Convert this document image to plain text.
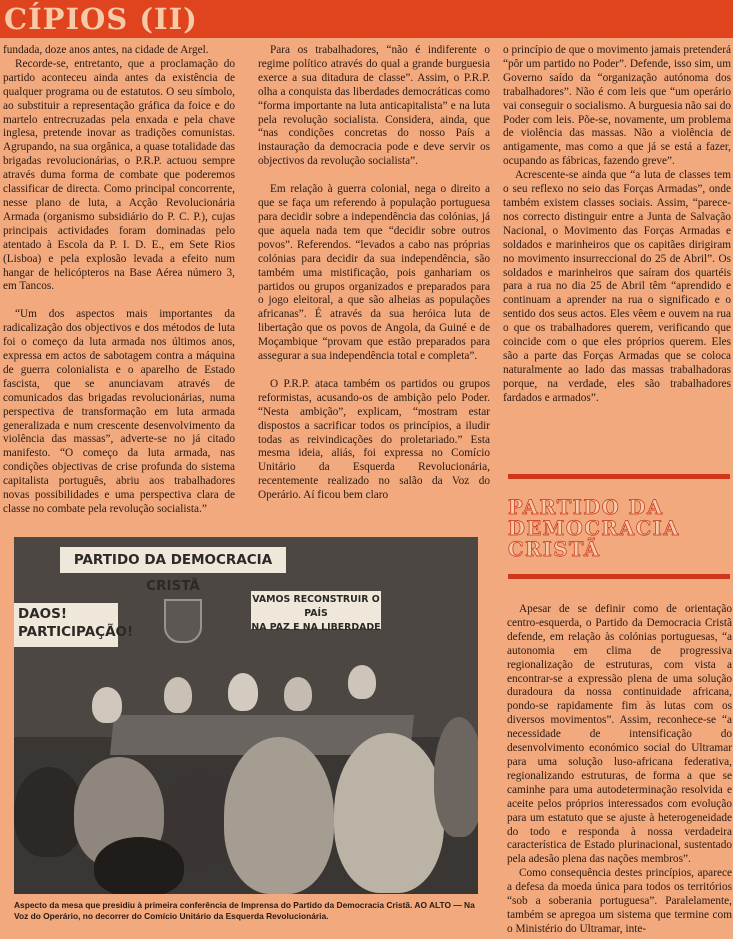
CÍPIOS (II)

fundada, doze anos antes, na cidade de Argel.

Recorde-se, entretanto, que a proclamação do partido aconteceu ainda antes da existência de qualquer programa ou de estatutos. O seu símbolo, ao substituir a representação gráfica da foice e do martelo entrecruzadas pela enxada e pela chave inglesa, pretende inovar as tradições comunistas. Agrupando, na sua orgânica, a quase totalidade das brigadas revolucionárias, o P.R.P. actuou sempre através duma forma de combate que poderemos classificar de directa. Como principal concorrente, nesse plano de luta, a Acção Revolucionária Armada (organismo subsidiário do P. C. P.), cujas principais actividades foram dominadas pelo atentado à Escola da P. I. D. E., em Sete Rios (Lisboa) e pela explosão levada a efeito num hangar de helicópteros na Base Aérea número 3, em Tancos.

“Um dos aspectos mais importantes da radicalização dos objectivos e dos métodos de luta foi o começo da luta armada nos últimos anos, expressa em actos de sabotagem contra a máquina de guerra colonialista e o aparelho de Estado fascista, que se anunciavam através de comunicados das brigadas revolucionárias, numa perspectiva de transformação em luta armada generalizada e num crescente desenvolvimento da violência das massas”, adverte-se no já citado manifesto. “O começo da luta armada, nas condições objectivas de crise profunda do sistema capitalista português, abriu aos trabalhadores novas possibilidades e uma perspectiva clara de classe no combate pela revolução socialista.”

Para os trabalhadores, “não é indiferente o regime político através do qual a grande burguesia exerce a sua ditadura de classe”. Assim, o P.R.P. olha a conquista das liberdades democráticas como “forma importante na luta anticapitalista” e na luta pela revolução socialista. Considera, ainda, que “nas condições concretas do nosso País a instauração da democracia pode e deve servir os objectivos da revolução socialista”.

Em relação à guerra colonial, nega o direito a que se faça um referendo à população portuguesa para decidir sobre a independência das colónias, já que aquela nada tem que “decidir sobre outros povos”. Referendos. “levados a cabo nas próprias colónias para decidir da sua independência, são também uma mistificação, pois ganhariam os partidos ou grupos organizados e preparados para o jogo eleitoral, a que são alheias as populações africanas”. É através da sua heróica luta de libertação que os povos de Angola, da Guiné e de Moçambique “provam que estão preparados para assegurar a sua independência total e completa”.

O P.R.P. ataca também os partidos ou grupos reformistas, acusando-os de ambição pelo Poder. “Nesta ambição”, explicam, “mostram estar dispostos a sacrificar todos os princípios, a iludir todas as reivindicações do proletariado.” Esta mesma ideia, aliás, foi expressa no Comício Unitário da Esquerda Revolucionária, recentemente realizado no salão da Voz do Operário. Aí ficou bem claro

o princípio de que o movimento jamais pretenderá “pôr um partido no Poder”. Defende, isso sim, um Governo saído da “organização autónoma dos trabalhadores”. Não é com leis que “um operário vai conseguir o socialismo. A burguesia não sai do Poder com leis. Põe-se, novamente, um problema de violência das massas. Não a violência de antigamente, mas como a que já se está a fazer, ocupando as fábricas, fazendo greve”.

Acrescente-se ainda que “a luta de classes tem o seu reflexo no seio das Forças Armadas”, onde também existem classes sociais. Assim, “parece-nos correcto distinguir entre a Junta de Salvação Nacional, o Movimento das Forças Armadas e soldados e marinheiros que os capitães dirigiram no movimento insurreccional do 25 de Abril”. Os soldados e marinheiros que saíram dos quartéis para a rua no dia 25 de Abril têm “aprendido e continuam a aprender na rua o significado e o sentido dos seus actos. Eles vêem e ouvem na rua o que os trabalhadores querem, verificando que coincide com o que eles próprios querem. Eles são a parte das Forças Armadas que se coloca naturalmente ao lado das massas trabalhadoras porque, na verdade, eles são trabalhadores fardados e armados”.

PARTIDO DA DEMOCRACIA CRISTÃ

Apesar de se definir como de orientação centro-esquerda, o Partido da Democracia Cristã defende, em relação às colónias portuguesas, “a autonomia em clima de progressiva regionalização de estruturas, com vista a encontrar-se a expressão plena de uma solução duradoura da nossa continuidade africana, pondo-se rapidamente fim às lutas com os diversos movimentos”. Assim, reconhece-se “a necessidade de intensificação do desenvolvimento económico social do Ultramar para uma solução luso-africana federativa, regionalizando estruturas, de forma a que se caminhe para uma autodeterminação resolvida e aceite pelos próprios interessados com evolução para um estatuto que se ajuste à heterogeneidade do todo e responda à nossa verdadeira característica de Estado plurinacional, sustentado pela adesão plena das nações membros”.

Como consequência destes princípios, aparece a defesa da moeda única para todos os territórios “sob a soberania portuguesa”. Paralelamente, também se apregoa um sistema que termine com o Ministério do Ultramar, inte-

PARTIDO DA DEMOCRACIA CRISTÃ
DAOS!
PARTICIPAÇÃO!
VAMOS RECONSTRUIR O PAÍS
NA PAZ E NA LIBERDADE
Aspecto da mesa que presidiu à primeira conferência de Imprensa do Partido da Democracia Cristã. AO ALTO — Na Voz do Operário, no decorrer do Comício Unitário da Esquerda Revolucionária.
